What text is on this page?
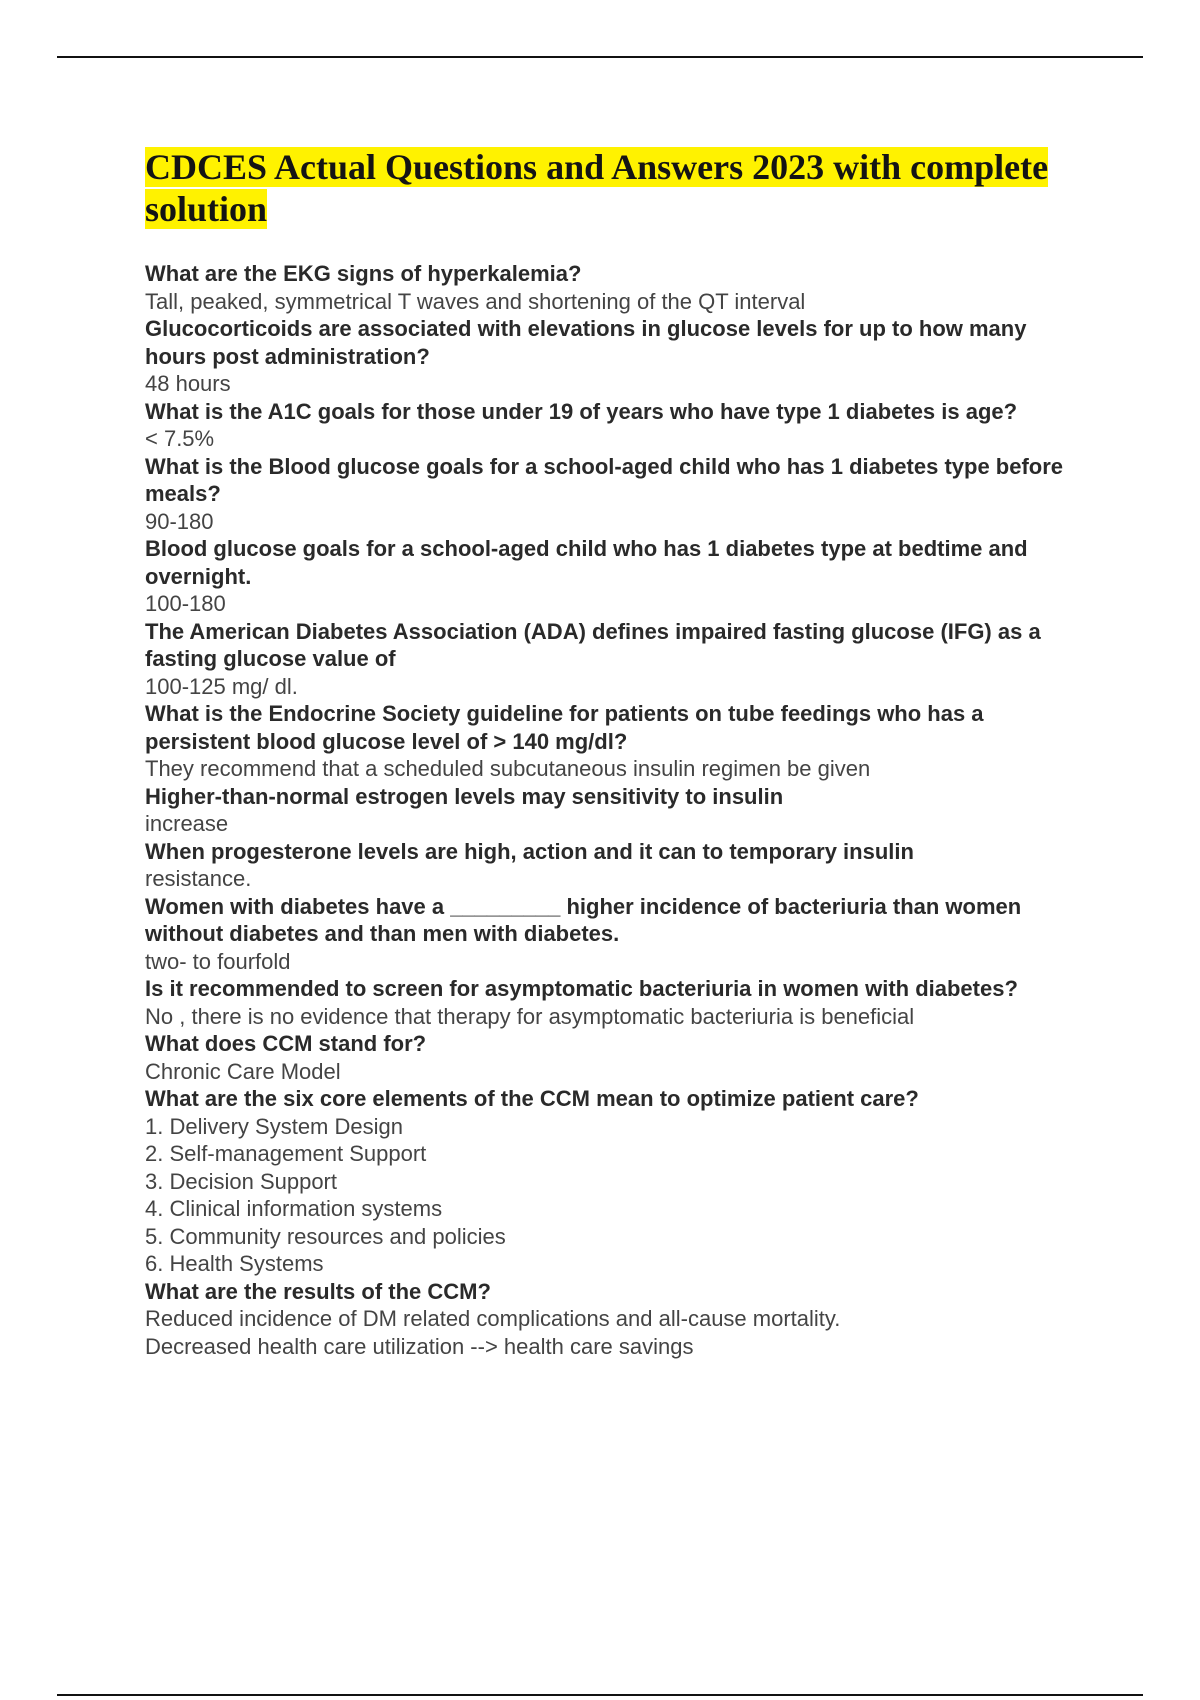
CDCES Actual Questions and Answers 2023 with complete solution
What are the EKG signs of hyperkalemia?
Tall, peaked, symmetrical T waves and shortening of the QT interval
Glucocorticoids are associated with elevations in glucose levels for up to how many hours post administration?
48 hours
What is the A1C goals for those under 19 of years who have type 1 diabetes is age?
< 7.5%
What is the Blood glucose goals for a school-aged child who has 1 diabetes type before meals?
90-180
Blood glucose goals for a school-aged child who has 1 diabetes type at bedtime and overnight.
100-180
The American Diabetes Association (ADA) defines impaired fasting glucose (IFG) as a fasting glucose value of
100-125 mg/ dl.
What is the Endocrine Society guideline for patients on tube feedings who has a persistent blood glucose level of > 140 mg/dl?
They recommend that a scheduled subcutaneous insulin regimen be given
Higher-than-normal estrogen levels may sensitivity to insulin
increase
When progesterone levels are high, action and it can to temporary insulin
resistance.
Women with diabetes have a _________ higher incidence of bacteriuria than women without diabetes and than men with diabetes.
two- to fourfold
Is it recommended to screen for asymptomatic bacteriuria in women with diabetes?
No , there is no evidence that therapy for asymptomatic bacteriuria is beneficial
What does CCM stand for?
Chronic Care Model
What are the six core elements of the CCM mean to optimize patient care?
1. Delivery System Design
2. Self-management Support
3. Decision Support
4. Clinical information systems
5. Community resources and policies
6. Health Systems
What are the results of the CCM?
Reduced incidence of DM related complications and all-cause mortality.
Decreased health care utilization --> health care savings
